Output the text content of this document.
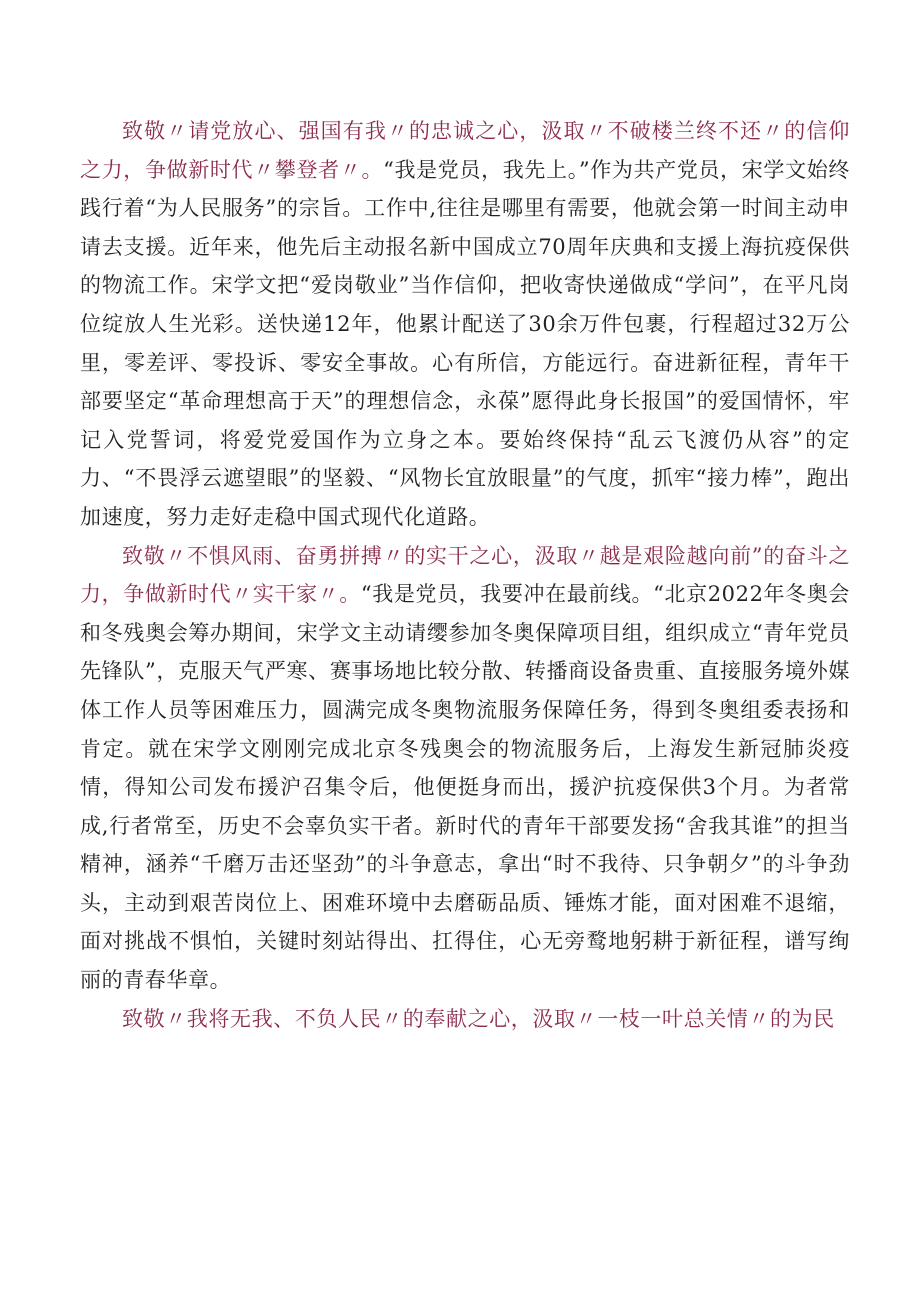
致敬〃请党放心、强国有我〃的忠诚之心，汲取〃不破楼兰终不还〃的信仰之力，争做新时代〃攀登者〃。“我是党员，我先上。”作为共产党员，宋学文始终践行着“为人民服务”的宗旨。工作中,往往是哪里有需要，他就会第一时间主动申请去支援。近年来，他先后主动报名新中国成立70周年庆典和支援上海抗疫保供的物流工作。宋学文把“爱岗敬业”当作信仰，把收寄快递做成“学问”，在平凡岗位绽放人生光彩。送快递12年，他累计配送了30余万件包裹，行程超过32万公里，零差评、零投诉、零安全事故。心有所信，方能远行。奋进新征程，青年干部要坚定“革命理想高于天”的理想信念，永葆”愿得此身长报国”的爱国情怀，牢记入党誓词，将爱党爱国作为立身之本。要始终保持“乱云飞渡仍从容”的定力、“不畏浮云遮望眼”的坚毅、“风物长宜放眼量”的气度，抓牢“接力棒”，跑出加速度，努力走好走稳中国式现代化道路。

致敬〃不惧风雨、奋勇拼搏〃的实干之心，汲取〃越是艰险越向前”的奋斗之力，争做新时代〃实干家〃。“我是党员，我要冲在最前线。“北京2022年冬奥会和冬残奥会筹办期间，宋学文主动请缨参加冬奥保障项目组，组织成立“青年党员先锋队”，克服天气严寒、赛事场地比较分散、转播商设备贵重、直接服务境外媒体工作人员等困难压力，圆满完成冬奥物流服务保障任务，得到冬奥组委表扬和肯定。就在宋学文刚刚完成北京冬残奥会的物流服务后，上海发生新冠肺炎疫情，得知公司发布援沪召集令后，他便挺身而出，援沪抗疫保供3个月。为者常成,行者常至，历史不会辜负实干者。新时代的青年干部要发扬“舍我其谁”的担当精神，涵养“千磨万击还坚劲”的斗争意志，拿出“时不我待、只争朝夕”的斗争劲头，主动到艰苦岗位上、困难环境中去磨砺品质、锤炼才能，面对困难不退缩，面对挑战不惧怕，关键时刻站得出、扛得住，心无旁鹜地躬耕于新征程，谱写绚丽的青春华章。

致敬〃我将无我、不负人民〃的奉献之心，汲取〃一枝一叶总关情〃的为民
